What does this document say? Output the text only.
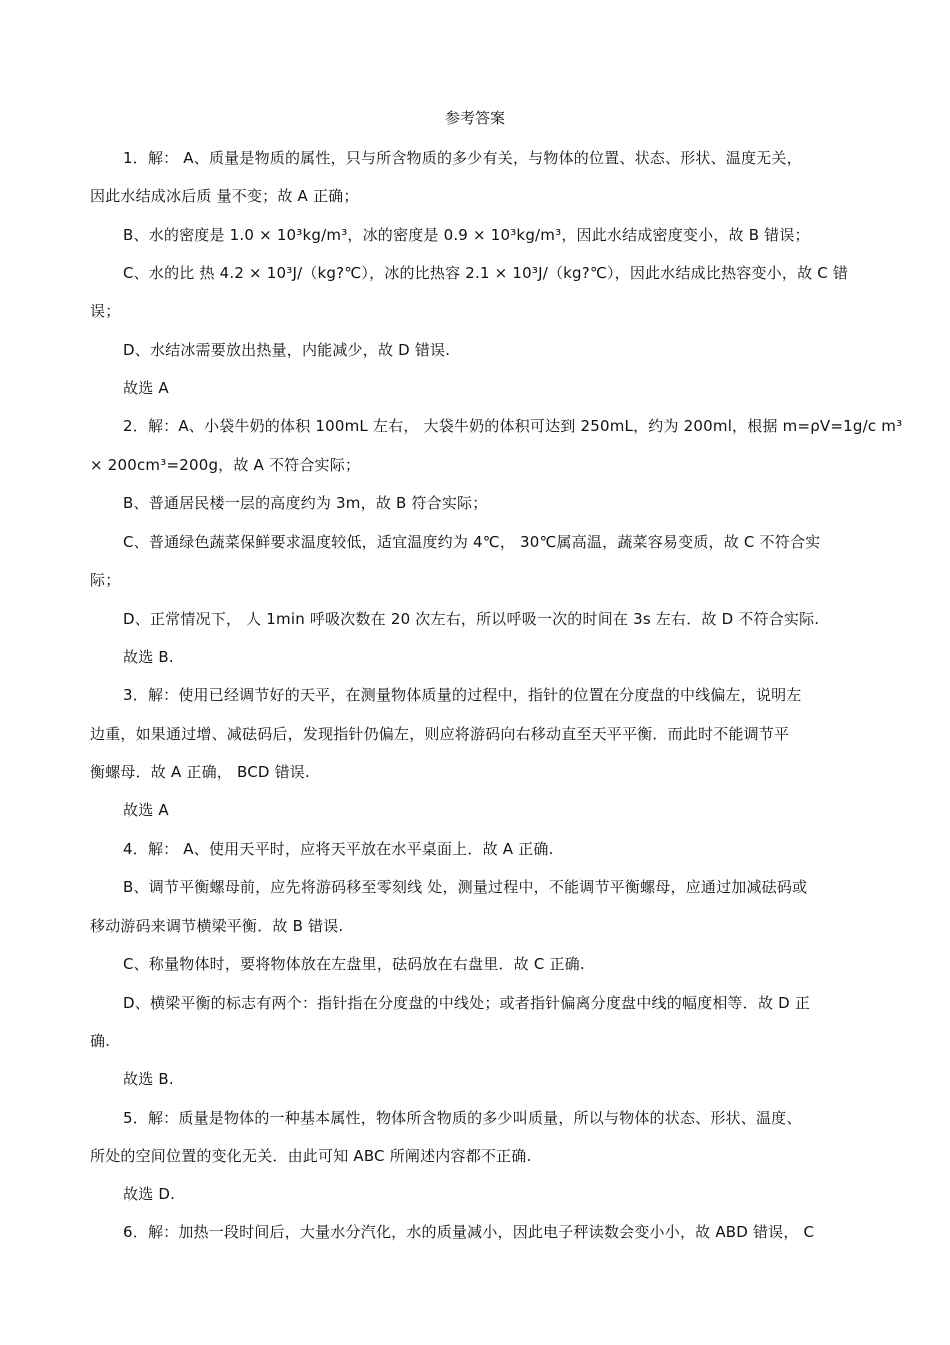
参考答案
1．解： A、质量是物质的属性，只与所含物质的多少有关，与物体的位置、状态、形状、温度无关，
因此水结成冰后质 量不变；故 A 正确；
B、水的密度是 1.0 × 10³kg/m³，冰的密度是 0.9 × 10³kg/m³，因此水结成密度变小，故 B 错误；
C、水的比 热 4.2 × 10³J/（kg?℃），冰的比热容 2.1 × 10³J/（kg?℃），因此水结成比热容变小，故 C 错
误；
D、水结冰需要放出热量，内能减少，故 D 错误.
故选 A
2．解：A、小袋牛奶的体积 100mL 左右， 大袋牛奶的体积可达到 250mL，约为 200ml，根据 m=ρV=1g/c m³
× 200cm³=200g，故 A 不符合实际；
B、普通居民楼一层的高度约为 3m，故 B 符合实际；
C、普通绿色蔬菜保鲜要求温度较低，适宜温度约为 4℃， 30℃属高温，蔬菜容易变质，故 C 不符合实
际；
D、正常情况下， 人 1min 呼吸次数在 20 次左右，所以呼吸一次的时间在 3s 左右．故 D 不符合实际.
故选 B.
3．解：使用已经调节好的天平，在测量物体质量的过程中，指针的位置在分度盘的中线偏左，说明左
边重，如果通过增、减砝码后，发现指针仍偏左，则应将游码向右移动直至天平平衡．而此时不能调节平
衡螺母．故 A 正确， BCD 错误.
故选 A
4．解： A、使用天平时，应将天平放在水平桌面上．故 A 正确.
B、调节平衡螺母前，应先将游码移至零刻线 处，测量过程中，不能调节平衡螺母，应通过加减砝码或
移动游码来调节横梁平衡．故 B 错误.
C、称量物体时，要将物体放在左盘里，砝码放在右盘里．故 C 正确.
D、横梁平衡的标志有两个：指针指在分度盘的中线处；或者指针偏离分度盘中线的幅度相等．故 D 正
确.
故选 B.
5．解：质量是物体的一种基本属性，物体所含物质的多少叫质量，所以与物体的状态、形状、温度、
所处的空间位置的变化无关．由此可知 ABC 所阐述内容都不正确.
故选 D.
6．解：加热一段时间后，大量水分汽化，水的质量减小，因此电子秤读数会变小小，故 ABD 错误， C
